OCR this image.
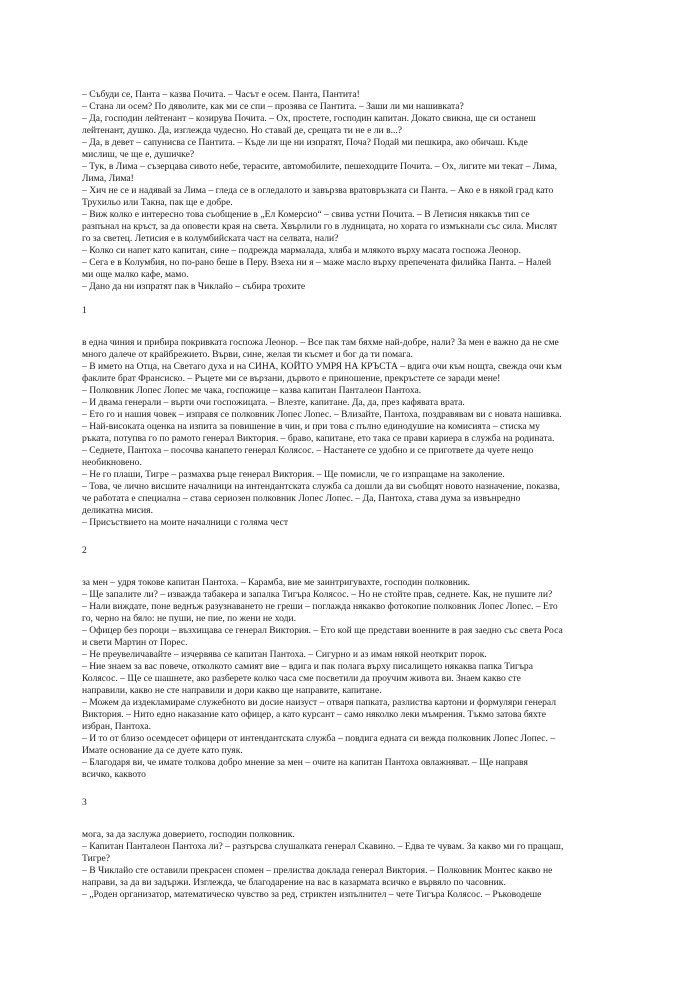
– Събуди се, Панта – казва Почита. – Часът е осем. Панта, Пантита!
– Стана ли осем? По дяволите, как ми се спи – прозява се Пантита. – Заши ли ми нашивката?
– Да, господин лейтенант – козирува Почита. – Ох, простете, господин капитан. Докато свикна, ще си останеш
лейтенант, душко. Да, изглежда чудесно. Но ставай де, срещата ти не е ли в...?
– Да, в девет – сапунисва се Пантита. – Къде ли ще ни изпратят, Поча? Подай ми пешкира, ако обичаш. Къде
мислиш, че ще е, душичке?
– Тук, в Лима – съзерцава сивото небе, терасите, автомобилите, пешеходците Почита. – Ох, лигите ми текат – Лима,
Лима, Лима!
– Хич не се и надявай за Лима – гледа се в огледалото и завързва вратовръзката си Панта. – Ако е в някой град като
Трухильо или Такна, пак ще е добре.
– Виж колко е интересно това съобщение в „Ел Комерсио“ – свива устни Почита. – В Летисия някакъв тип се
разпънал на кръст, за да оповести края на света. Хвърлили го в лудницата, но хората го измъкнали със сила. Мислят
го за светец. Летисия е в колумбийската част на селвата, нали?
– Колко си напет като капитан, сине – подрежда мармалада, хляба и млякото върху масата госпожа Леонор.
– Сега е в Колумбия, но по-рано беше в Перу. Взеха ни я – маже масло върху препечената филийка Панта. – Налей
ми още малко кафе, мамо.
– Дано да ни изпратят пак в Чиклайо – събира трохите
1
в една чиния и прибира покривката госпожа Леонор. – Все пак там бяхме най-добре, нали? За мен е важно да не сме
много далече от крайбрежието. Върви, сине, желая ти късмет и бог да ти помага.
– В името на Отца, на Светаго духа и на СИНА, КОЙТО УМРЯ НА КРЪСТА – вдига очи към нощта, свежда очи към
факлите брат Франсиско. – Ръцете ми се вързани, дървото е приношение, прекръстете се заради мене!
– Полковник Лопес Лопес ме чака, госпожице – казва капитан Панталеон Пантоха.
– И двама генерали – върти очи госпожицата. – Влезте, капитане. Да, да, през кафявата врата.
– Ето го и нашия човек – изправя се полковник Лопес Лопес. – Влизайте, Пантоха, поздравявам ви с новата нашивка.
– Най-високата оценка на изпита за повишение в чин, и при това с пълно единодушие на комисията – стиска му
ръката, потупва го по рамото генерал Виктория. – браво, капитане, ето така се прави кариера в служба на родината.
– Седнете, Пантоха – посочва канапето генерал Колясос. – Настанете се удобно и се пригответе да чуете нещо
необикновено.
– Не го плаши, Тигре – размахва ръце генерал Виктория. – Ще помисли, че го изпращаме на заколение.
– Това, че лично висшите началници на интендантската служба са дошли да ви съобщят новото назначение, показва,
че работата е специална – става сериозен полковник Лопес Лопес. – Да, Пантоха, става дума за извънредно
деликатна мисия.
– Присъствието на моите началници с голяма чест
2
за мен – удря токове капитан Пантоха. – Карамба, вие ме заинтригувахте, господин полковник.
– Ще запалите ли? – изважда табакера и запалка Тигъра Колясос. – Но не стойте прав, седнете. Как, не пушите ли?
– Нали виждате, поне веднъж разузнаването не греши – поглажда някакво фотокопие полковник Лопес Лопес. – Ето
го, черно на бяло: не пуши, не пие, по жени не ходи.
– Офицер без пороци – възхищава се генерал Виктория. – Ето кой ще представи военните в рая заедно със света Роса
и свети Мартин от Порес.
– Не преувеличавайте – изчервява се капитан Пантоха. – Сигурно и аз имам някой неоткрит порок.
– Ние знаем за вас повече, отколкото самият вие – вдига и пак полага върху писалището някаква папка Тигъра
Колясос. – Ще се шашнете, ако разберете колко часа сме посветили да проучим живота ви. Знаем какво сте
направили, какво не сте направили и дори какво ще направите, капитане.
– Можем да издекламираме служебното ви досие наизуст – отваря папката, разлиства картони и формуляри генерал
Виктория. – Нито едно наказание като офицер, а като курсант – само няколко леки мъмрения. Тъкмо затова бяхте
избран, Пантоха.
– И то от близо осемдесет офицери от интендантската служба – повдига едната си вежда полковник Лопес Лопес. –
Имате основание да се дуете като пуяк.
– Благодаря ви, че имате толкова добро мнение за мен – очите на капитан Пантоха овлажняват. – Ще направя
всичко, каквото
3
мога, за да заслужа доверието, господин полковник.
– Капитан Панталеон Пантоха ли? – разтърсва слушалката генерал Скавино. – Едва те чувам. За какво ми го пращаш,
Тигре?
– В Чиклайо сте оставили прекрасен спомен – прелиства доклада генерал Виктория. – Полковник Монтес какво не
направи, за да ви задържи. Изглежда, че благодарение на вас в казармата всичко е вървяло по часовник.
– „Роден организатор, математическо чувство за ред, стриктен изпълнител – чете Тигъра Колясос. – Ръководеше
